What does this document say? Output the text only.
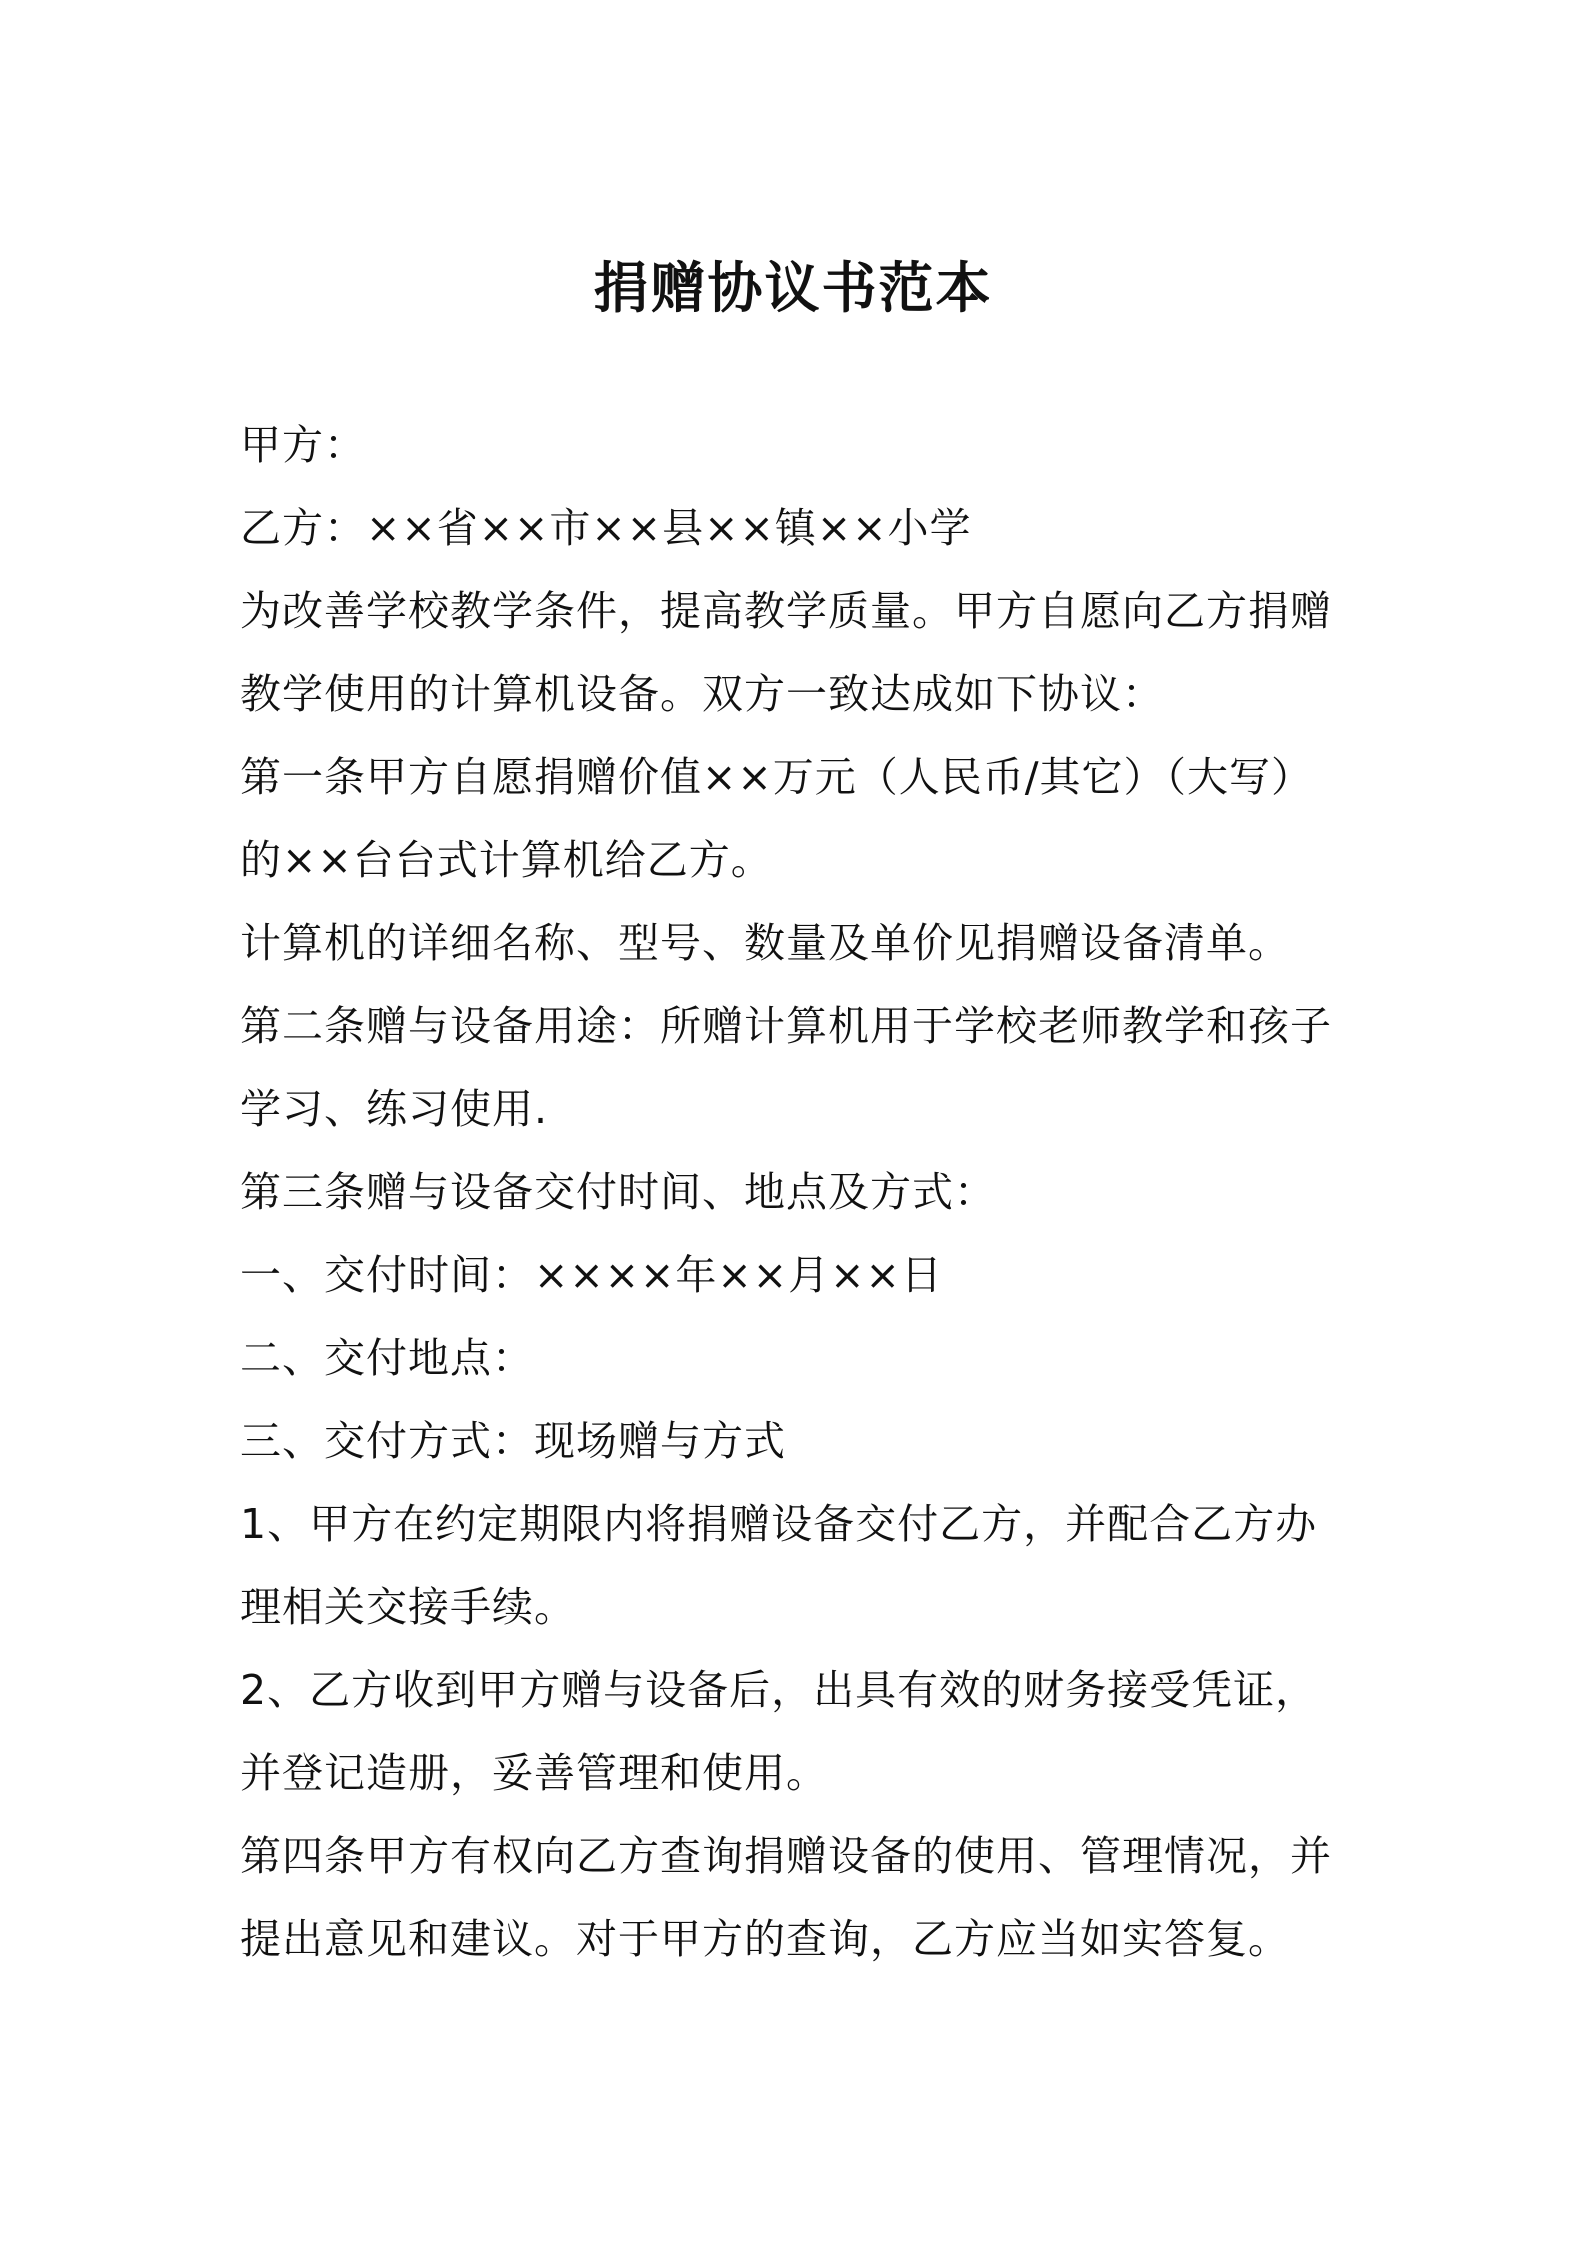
捐赠协议书范本
甲方：
乙方：××省××市××县××镇××小学
为改善学校教学条件，提高教学质量。甲方自愿向乙方捐赠
教学使用的计算机设备。双方一致达成如下协议：
第一条甲方自愿捐赠价值××万元（人民币/其它）（大写）
的××台台式计算机给乙方。
计算机的详细名称、型号、数量及单价见捐赠设备清单。
第二条赠与设备用途：所赠计算机用于学校老师教学和孩子
学习、练习使用.
第三条赠与设备交付时间、地点及方式：
一、交付时间：××××年××月××日
二、交付地点：
三、交付方式：现场赠与方式
1、甲方在约定期限内将捐赠设备交付乙方，并配合乙方办
理相关交接手续。
2、乙方收到甲方赠与设备后，出具有效的财务接受凭证，
并登记造册，妥善管理和使用。
第四条甲方有权向乙方查询捐赠设备的使用、管理情况，并
提出意见和建议。对于甲方的查询，乙方应当如实答复。
